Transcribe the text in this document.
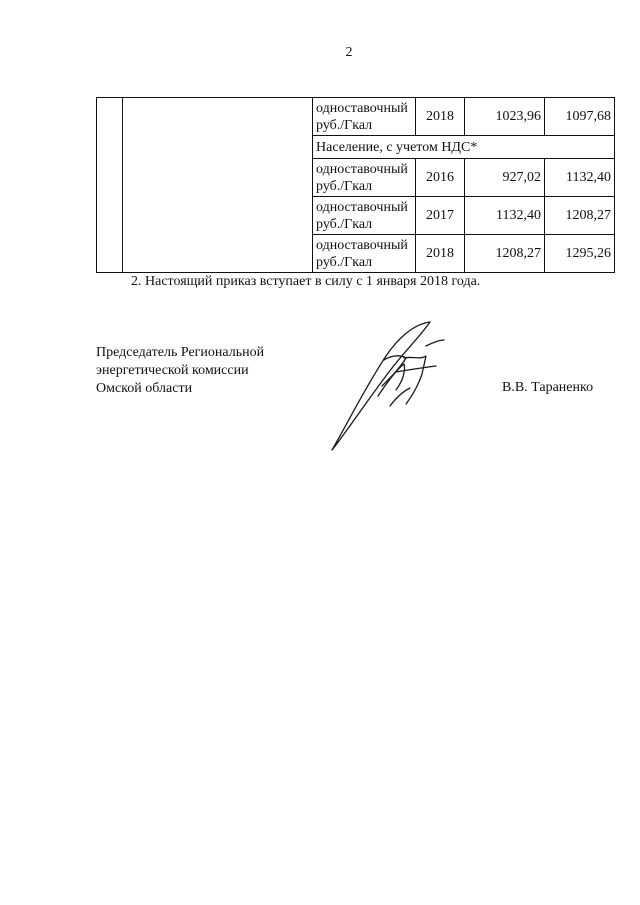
2
		одноставочный руб./Гкал	2018	1023,96	1097,68
		Население, с учетом НДС*			
		одноставочный руб./Гкал	2016	927,02	1132,40
		одноставочный руб./Гкал	2017	1132,40	1208,27
		одноставочный руб./Гкал	2018	1208,27	1295,26
2. Настоящий приказ вступает в силу с 1 января 2018 года.
Председатель Региональной
энергетической комиссии
Омской области	В.В. Тараненко
